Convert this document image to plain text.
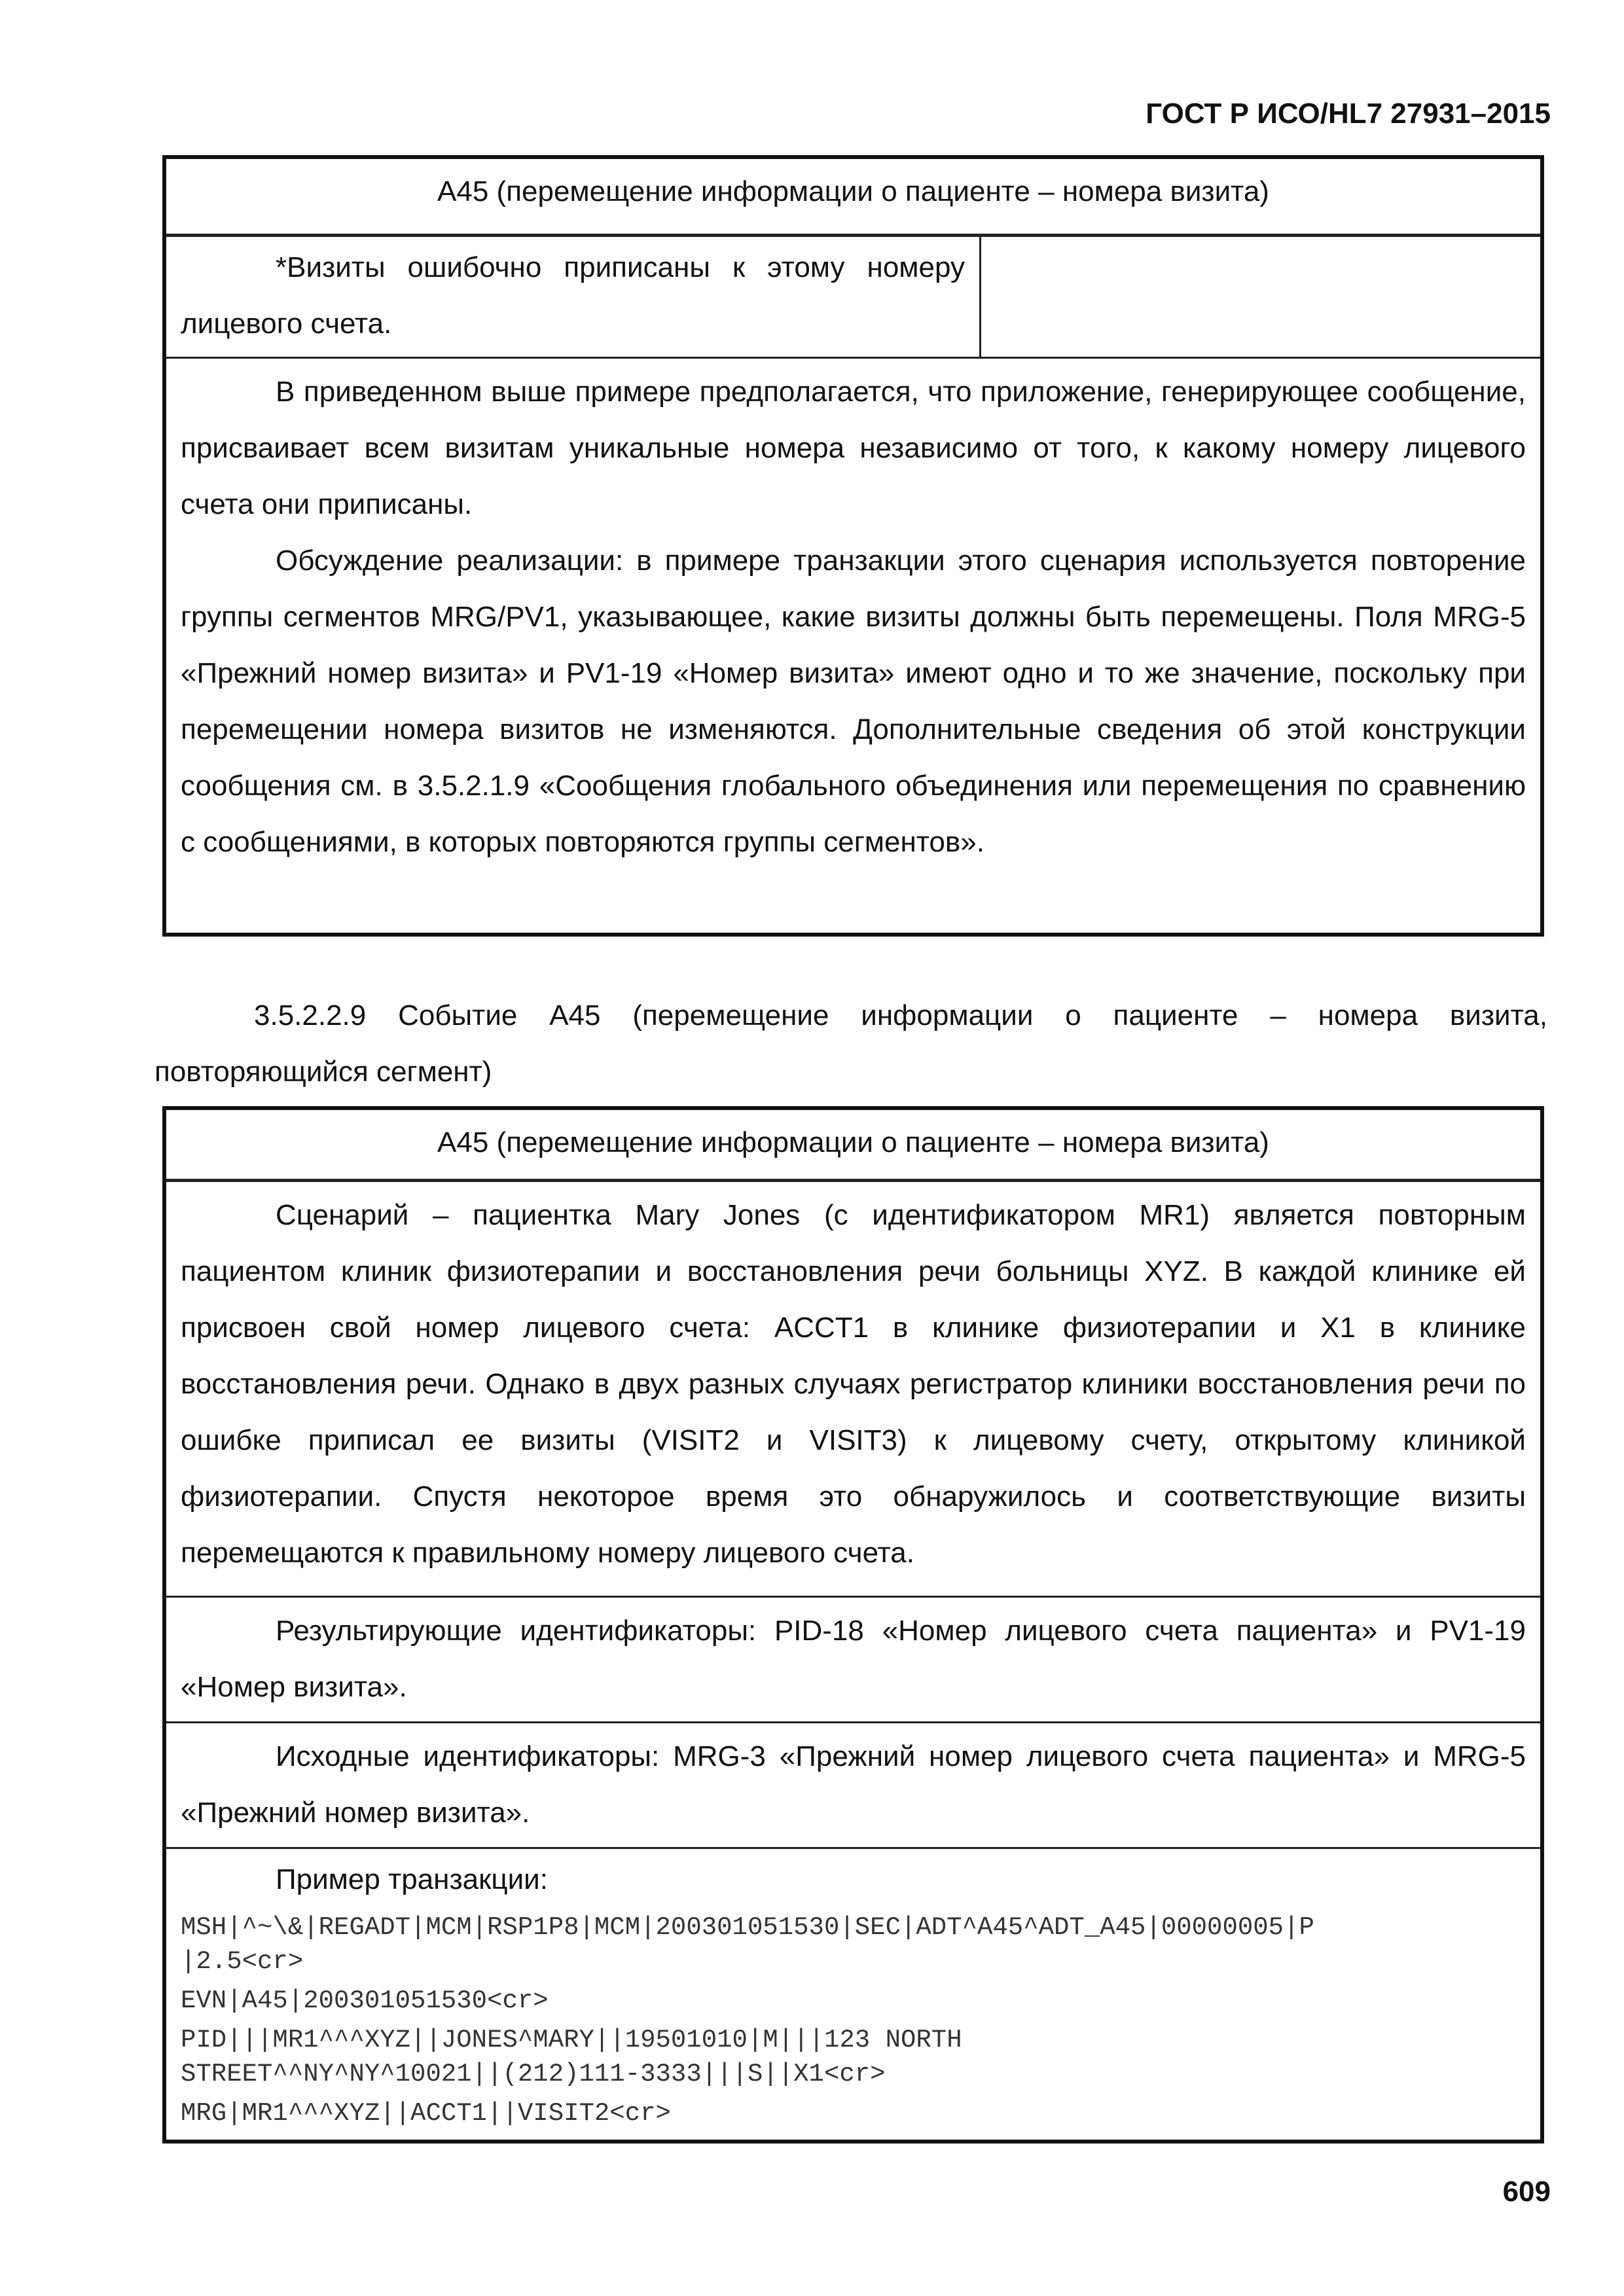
ГОСТ Р ИСО/HL7 27931–2015
A45 (перемещение информации о пациенте – номера визита)

*Визиты ошибочно приписаны к этому номеру лицевого счета.

В приведенном выше примере предполагается, что приложение, генерирующее сообщение, присваивает всем визитам уникальные номера независимо от того, к какому номеру лицевого счета они приписаны.

Обсуждение реализации: в примере транзакции этого сценария используется повторение группы сегментов MRG/PV1, указывающее, какие визиты должны быть перемещены. Поля MRG-5 «Прежний номер визита» и PV1-19 «Номер визита» имеют одно и то же значение, поскольку при перемещении номера визитов не изменяются. Дополнительные сведения об этой конструкции сообщения см. в 3.5.2.1.9 «Сообщения глобального объединения или перемещения по сравнению с сообщениями, в которых повторяются группы сегментов».

3.5.2.2.9 Событие A45 (перемещение информации о пациенте – номера визита, повторяющийся сегмент)

A45 (перемещение информации о пациенте – номера визита)

Сценарий – пациентка Mary Jones (с идентификатором MR1) является повторным пациентом клиник физиотерапии и восстановления речи больницы XYZ. В каждой клинике ей присвоен свой номер лицевого счета: ACCT1 в клинике физиотерапии и X1 в клинике восстановления речи. Однако в двух разных случаях регистратор клиники восстановления речи по ошибке приписал ее визиты (VISIT2 и VISIT3) к лицевому счету, открытому клиникой физиотерапии. Спустя некоторое время это обнаружилось и соответствующие визиты перемещаются к правильному номеру лицевого счета.

Результирующие идентификаторы: PID-18 «Номер лицевого счета пациента» и PV1-19 «Номер визита».

Исходные идентификаторы: MRG-3 «Прежний номер лицевого счета пациента» и MRG-5 «Прежний номер визита».

Пример транзакции:

MSH|^~\&|REGADT|MCM|RSP1P8|MCM|200301051530|SEC|ADT^A45^ADT_A45|00000005|P

|2.5<cr>

EVN|A45|200301051530<cr>

PID|||MR1^^^XYZ||JONES^MARY||19501010|M|||123 NORTH

STREET^^NY^NY^10021||(212)111-3333|||S||X1<cr>

MRG|MR1^^^XYZ||ACCT1||VISIT2<cr>

609
